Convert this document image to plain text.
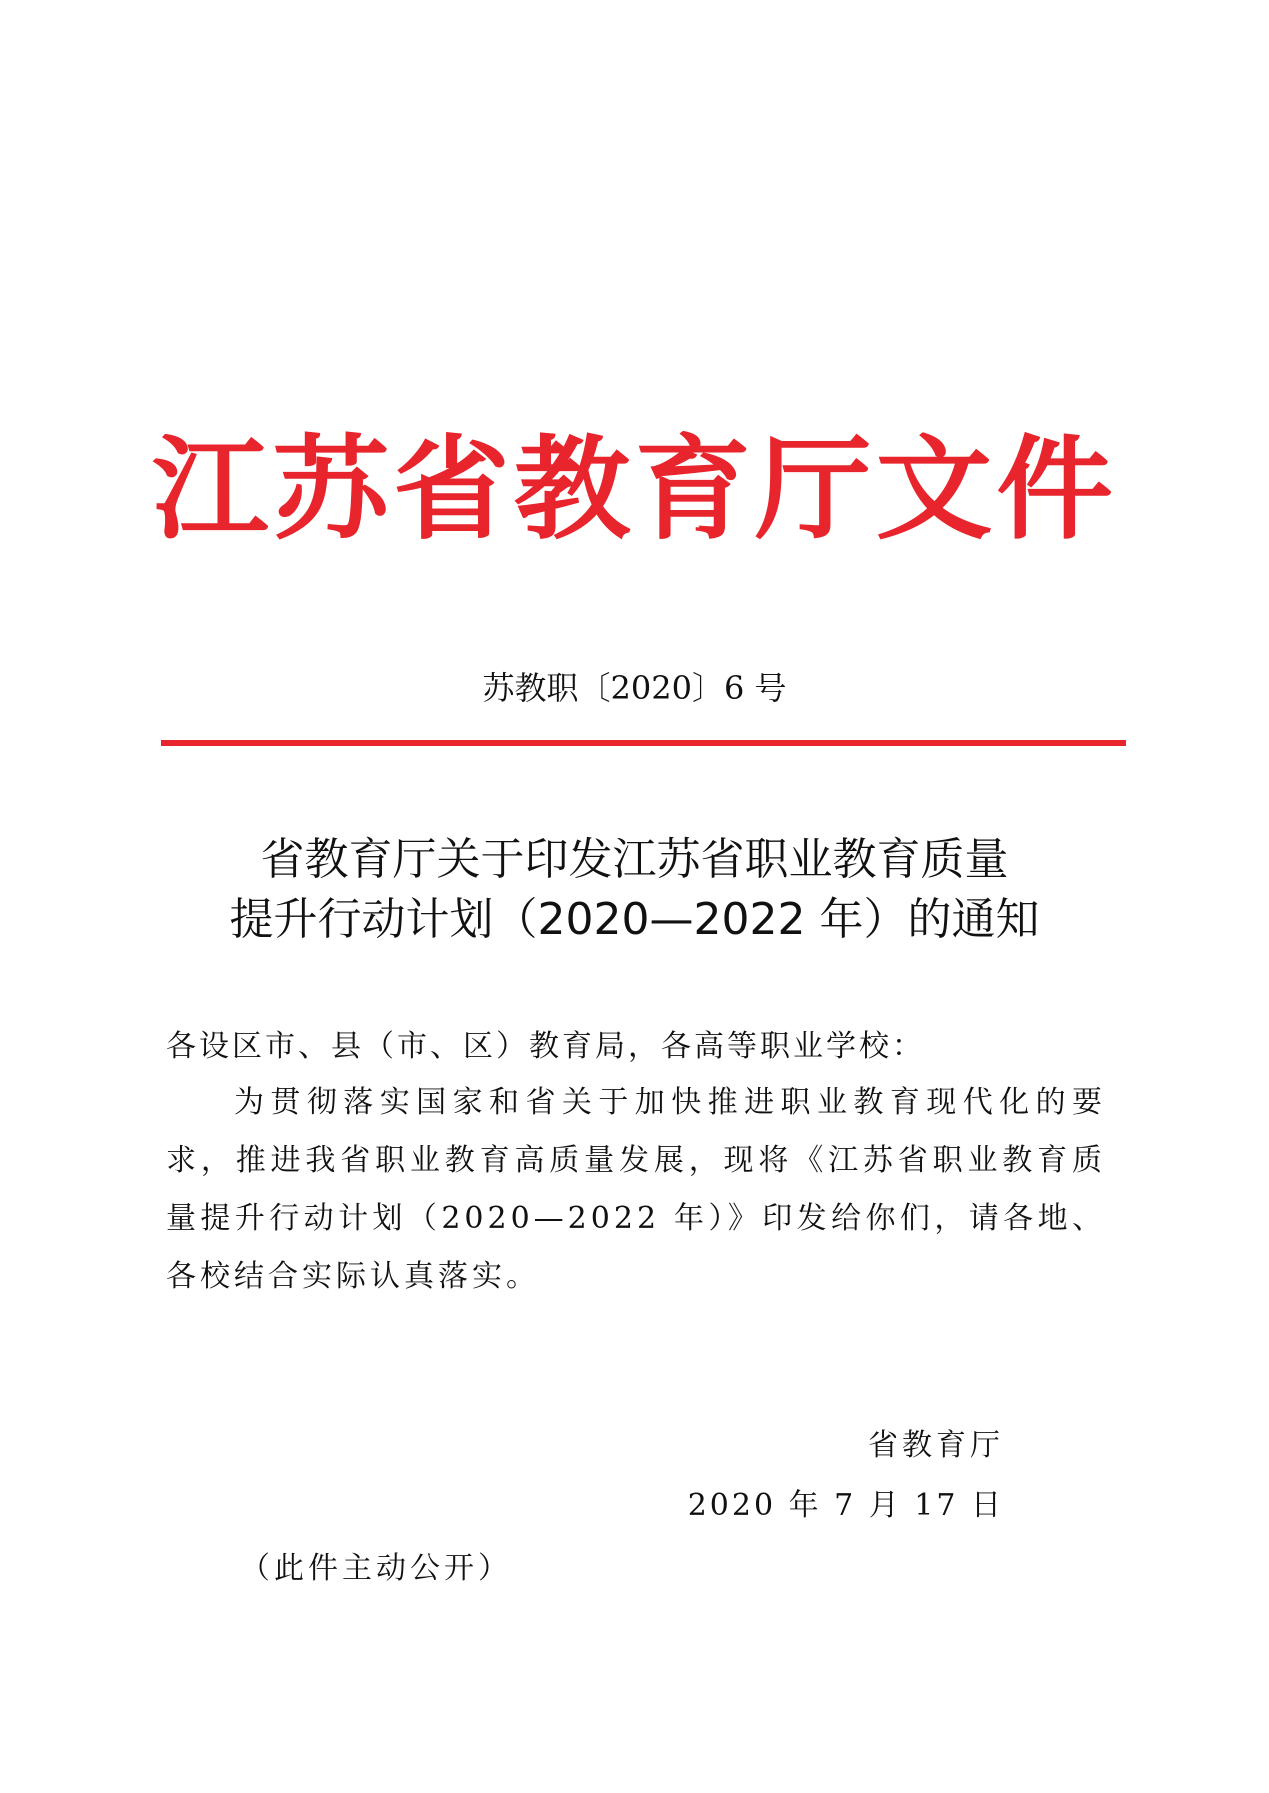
江苏省教育厅文件
苏教职〔2020〕6 号
省教育厅关于印发江苏省职业教育质量
提升行动计划（2020—2022 年）的通知
各设区市、县（市、区）教育局，各高等职业学校：
为贯彻落实国家和省关于加快推进职业教育现代化的要求，推进我省职业教育高质量发展，现将《江苏省职业教育质量提升行动计划（2020—2022 年）》印发给你们，请各地、各校结合实际认真落实。
省教育厅
2020 年 7 月 17 日
（此件主动公开）
